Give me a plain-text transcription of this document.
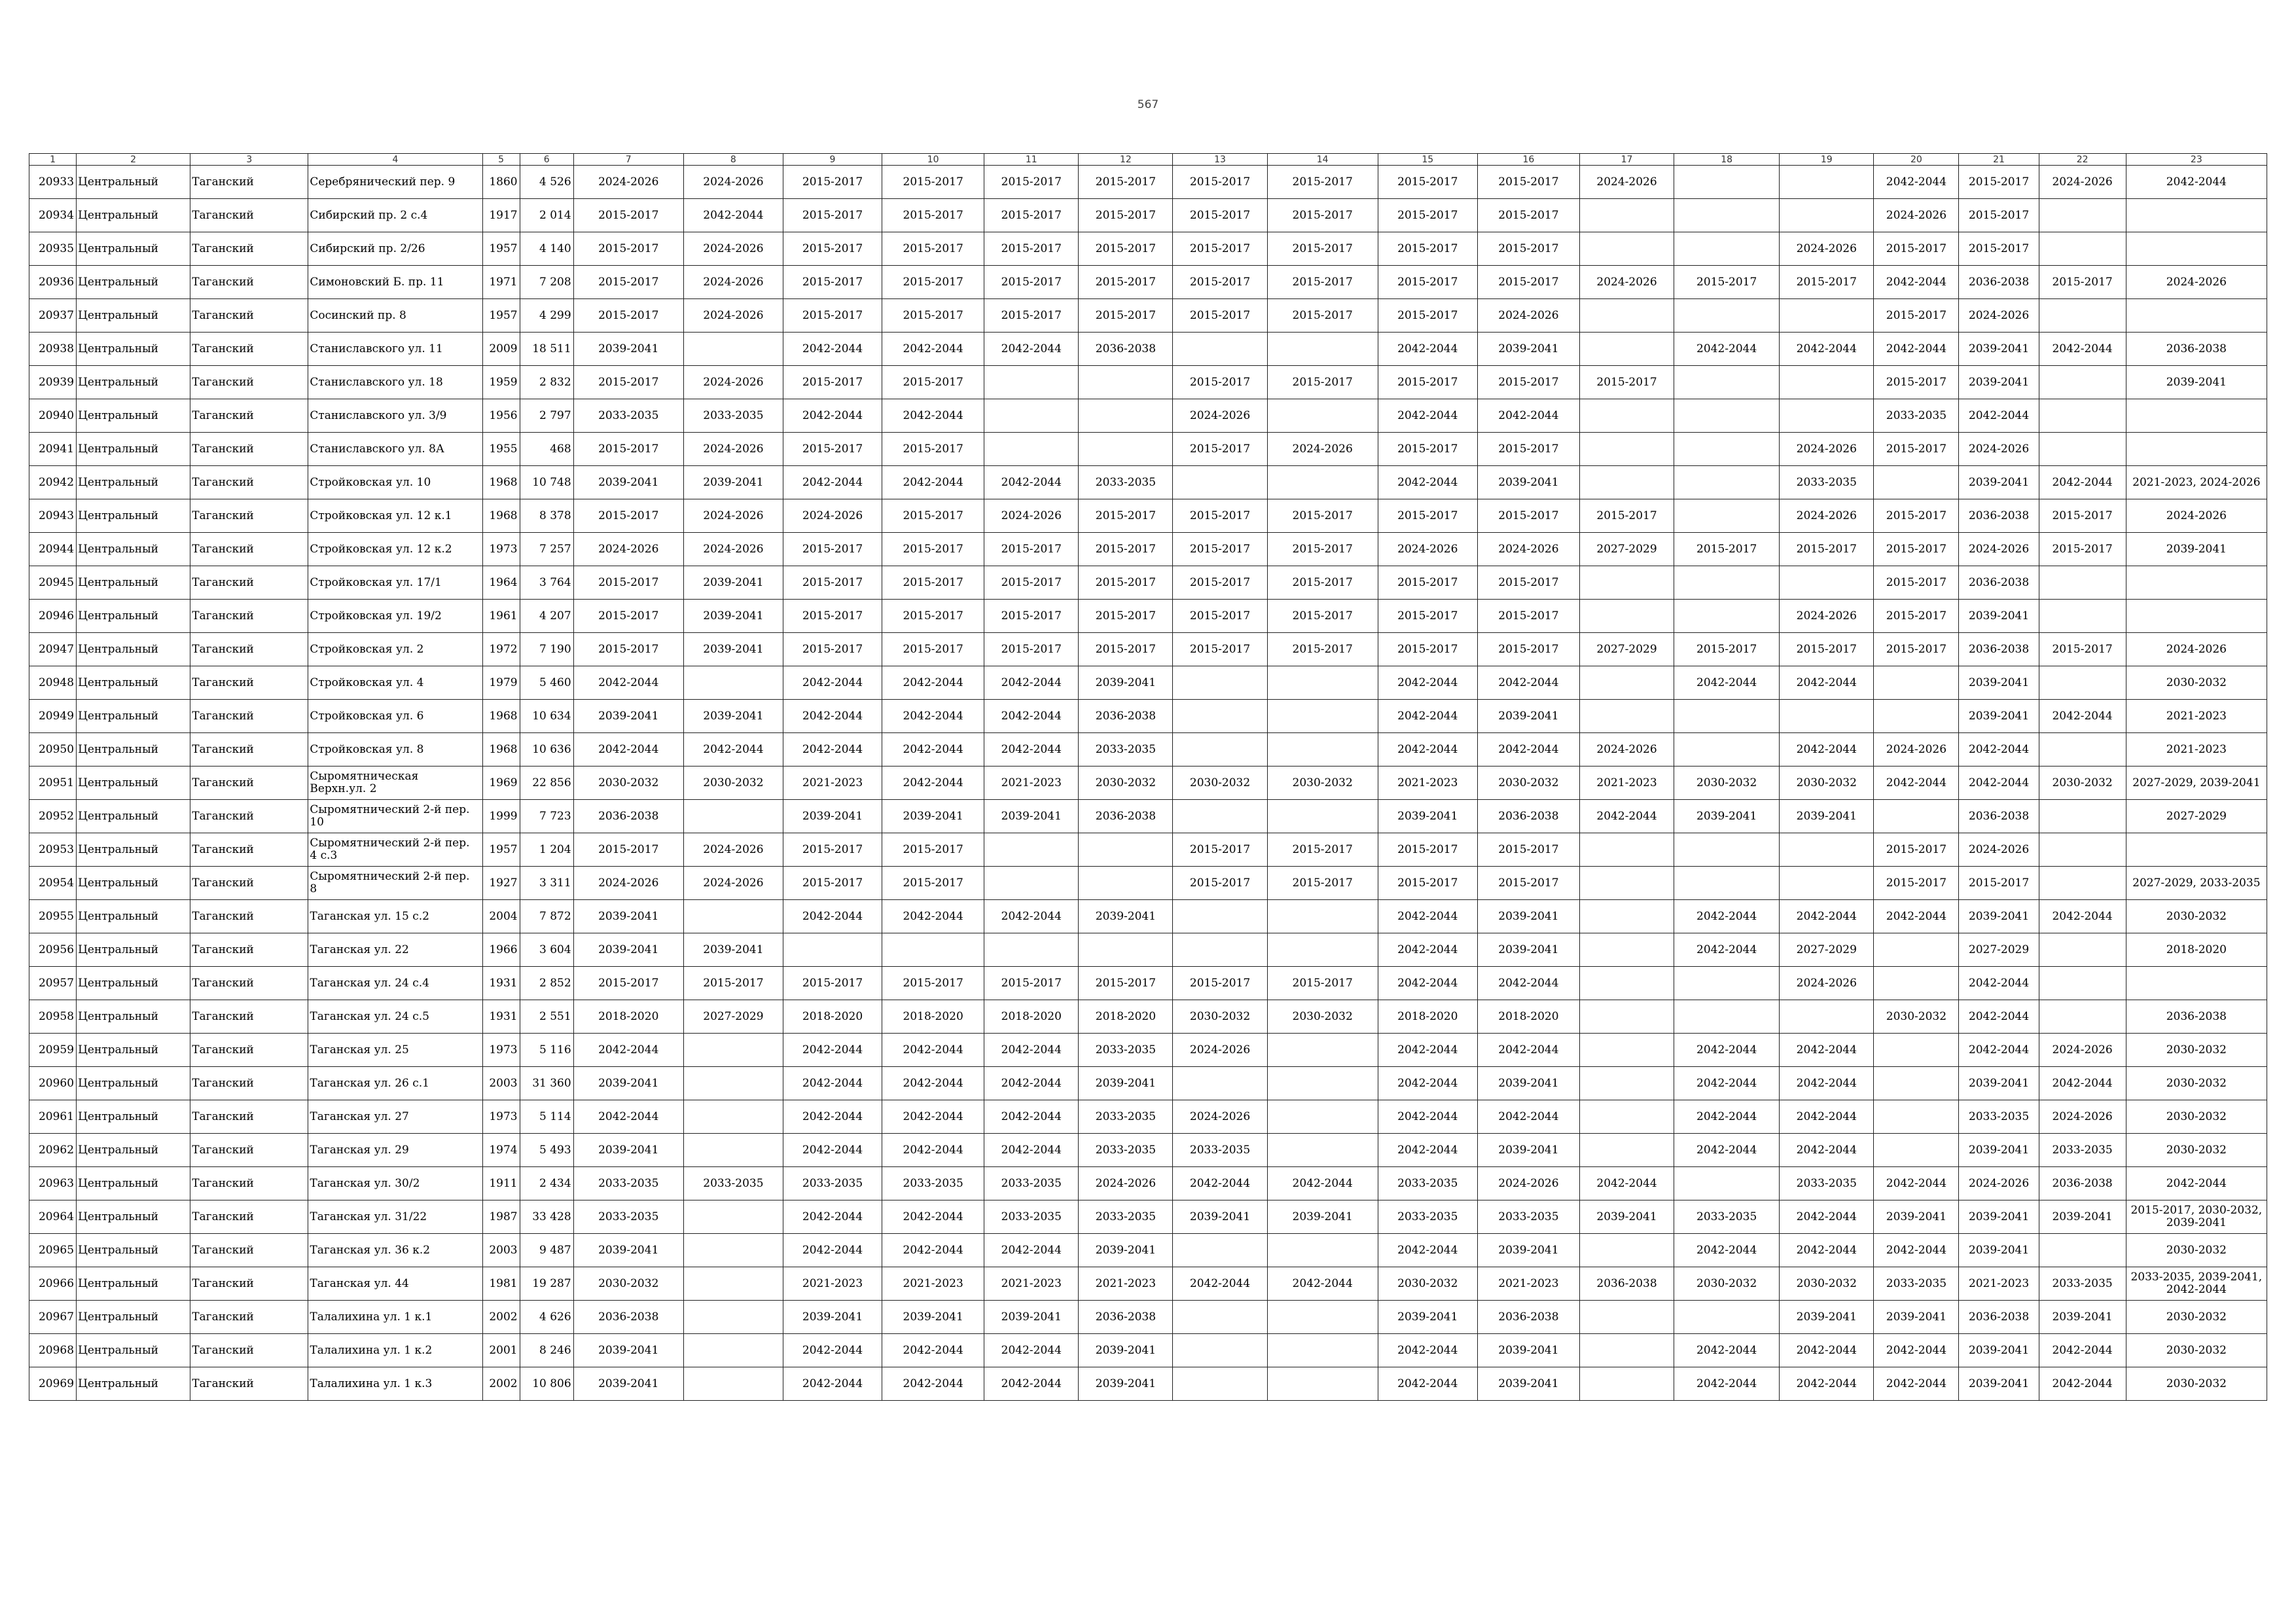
567
1	2	3	4	5	6	7	8	9	10	11	12	13	14	15	16	17	18	19	20	21	22	23
20933	Центральный	Таганский	Серебрянический пер. 9	1860	4 526	2024-2026	2024-2026	2015-2017	2015-2017	2015-2017	2015-2017	2015-2017	2015-2017	2015-2017	2015-2017	2024-2026			2042-2044	2015-2017	2024-2026	2042-2044
20934	Центральный	Таганский	Сибирский пр. 2 с.4	1917	2 014	2015-2017	2042-2044	2015-2017	2015-2017	2015-2017	2015-2017	2015-2017	2015-2017	2015-2017	2015-2017				2024-2026	2015-2017		
20935	Центральный	Таганский	Сибирский пр. 2/26	1957	4 140	2015-2017	2024-2026	2015-2017	2015-2017	2015-2017	2015-2017	2015-2017	2015-2017	2015-2017	2015-2017			2024-2026	2015-2017	2015-2017		
20936	Центральный	Таганский	Симоновский Б. пр. 11	1971	7 208	2015-2017	2024-2026	2015-2017	2015-2017	2015-2017	2015-2017	2015-2017	2015-2017	2015-2017	2015-2017	2024-2026	2015-2017	2015-2017	2042-2044	2036-2038	2015-2017	2024-2026
20937	Центральный	Таганский	Сосинский пр. 8	1957	4 299	2015-2017	2024-2026	2015-2017	2015-2017	2015-2017	2015-2017	2015-2017	2015-2017	2015-2017	2024-2026				2015-2017	2024-2026		
20938	Центральный	Таганский	Станиславского ул. 11	2009	18 511	2039-2041		2042-2044	2042-2044	2042-2044	2036-2038			2042-2044	2039-2041		2042-2044	2042-2044	2042-2044	2039-2041	2042-2044	2036-2038
20939	Центральный	Таганский	Станиславского ул. 18	1959	2 832	2015-2017	2024-2026	2015-2017	2015-2017			2015-2017	2015-2017	2015-2017	2015-2017	2015-2017			2015-2017	2039-2041		2039-2041
20940	Центральный	Таганский	Станиславского ул. 3/9	1956	2 797	2033-2035	2033-2035	2042-2044	2042-2044			2024-2026		2042-2044	2042-2044				2033-2035	2042-2044		
20941	Центральный	Таганский	Станиславского ул. 8А	1955	468	2015-2017	2024-2026	2015-2017	2015-2017			2015-2017	2024-2026	2015-2017	2015-2017			2024-2026	2015-2017	2024-2026		
20942	Центральный	Таганский	Стройковская ул. 10	1968	10 748	2039-2041	2039-2041	2042-2044	2042-2044	2042-2044	2033-2035			2042-2044	2039-2041			2033-2035		2039-2041	2042-2044	2021-2023, 2024-2026
20943	Центральный	Таганский	Стройковская ул. 12 к.1	1968	8 378	2015-2017	2024-2026	2024-2026	2015-2017	2024-2026	2015-2017	2015-2017	2015-2017	2015-2017	2015-2017	2015-2017		2024-2026	2015-2017	2036-2038	2015-2017	2024-2026
20944	Центральный	Таганский	Стройковская ул. 12 к.2	1973	7 257	2024-2026	2024-2026	2015-2017	2015-2017	2015-2017	2015-2017	2015-2017	2015-2017	2024-2026	2024-2026	2027-2029	2015-2017	2015-2017	2015-2017	2024-2026	2015-2017	2039-2041
20945	Центральный	Таганский	Стройковская ул. 17/1	1964	3 764	2015-2017	2039-2041	2015-2017	2015-2017	2015-2017	2015-2017	2015-2017	2015-2017	2015-2017	2015-2017				2015-2017	2036-2038		
20946	Центральный	Таганский	Стройковская ул. 19/2	1961	4 207	2015-2017	2039-2041	2015-2017	2015-2017	2015-2017	2015-2017	2015-2017	2015-2017	2015-2017	2015-2017			2024-2026	2015-2017	2039-2041		
20947	Центральный	Таганский	Стройковская ул. 2	1972	7 190	2015-2017	2039-2041	2015-2017	2015-2017	2015-2017	2015-2017	2015-2017	2015-2017	2015-2017	2015-2017	2027-2029	2015-2017	2015-2017	2015-2017	2036-2038	2015-2017	2024-2026
20948	Центральный	Таганский	Стройковская ул. 4	1979	5 460	2042-2044		2042-2044	2042-2044	2042-2044	2039-2041			2042-2044	2042-2044		2042-2044	2042-2044		2039-2041		2030-2032
20949	Центральный	Таганский	Стройковская ул. 6	1968	10 634	2039-2041	2039-2041	2042-2044	2042-2044	2042-2044	2036-2038			2042-2044	2039-2041					2039-2041	2042-2044	2021-2023
20950	Центральный	Таганский	Стройковская ул. 8	1968	10 636	2042-2044	2042-2044	2042-2044	2042-2044	2042-2044	2033-2035			2042-2044	2042-2044	2024-2026		2042-2044	2024-2026	2042-2044		2021-2023
20951	Центральный	Таганский	Сыромятническая Верхн.ул. 2	1969	22 856	2030-2032	2030-2032	2021-2023	2042-2044	2021-2023	2030-2032	2030-2032	2030-2032	2021-2023	2030-2032	2021-2023	2030-2032	2030-2032	2042-2044	2042-2044	2030-2032	2027-2029, 2039-2041
20952	Центральный	Таганский	Сыромятнический 2-й пер. 10	1999	7 723	2036-2038		2039-2041	2039-2041	2039-2041	2036-2038			2039-2041	2036-2038	2042-2044	2039-2041	2039-2041		2036-2038		2027-2029
20953	Центральный	Таганский	Сыромятнический 2-й пер. 4 с.3	1957	1 204	2015-2017	2024-2026	2015-2017	2015-2017			2015-2017	2015-2017	2015-2017	2015-2017				2015-2017	2024-2026		
20954	Центральный	Таганский	Сыромятнический 2-й пер. 8	1927	3 311	2024-2026	2024-2026	2015-2017	2015-2017			2015-2017	2015-2017	2015-2017	2015-2017				2015-2017	2015-2017		2027-2029, 2033-2035
20955	Центральный	Таганский	Таганская ул. 15 с.2	2004	7 872	2039-2041		2042-2044	2042-2044	2042-2044	2039-2041			2042-2044	2039-2041		2042-2044	2042-2044	2042-2044	2039-2041	2042-2044	2030-2032
20956	Центральный	Таганский	Таганская ул. 22	1966	3 604	2039-2041	2039-2041							2042-2044	2039-2041		2042-2044	2027-2029		2027-2029		2018-2020
20957	Центральный	Таганский	Таганская ул. 24 с.4	1931	2 852	2015-2017	2015-2017	2015-2017	2015-2017	2015-2017	2015-2017	2015-2017	2015-2017	2042-2044	2042-2044			2024-2026		2042-2044		
20958	Центральный	Таганский	Таганская ул. 24 с.5	1931	2 551	2018-2020	2027-2029	2018-2020	2018-2020	2018-2020	2018-2020	2030-2032	2030-2032	2018-2020	2018-2020				2030-2032	2042-2044		2036-2038
20959	Центральный	Таганский	Таганская ул. 25	1973	5 116	2042-2044		2042-2044	2042-2044	2042-2044	2033-2035	2024-2026		2042-2044	2042-2044		2042-2044	2042-2044		2042-2044	2024-2026	2030-2032
20960	Центральный	Таганский	Таганская ул. 26 с.1	2003	31 360	2039-2041		2042-2044	2042-2044	2042-2044	2039-2041			2042-2044	2039-2041		2042-2044	2042-2044		2039-2041	2042-2044	2030-2032
20961	Центральный	Таганский	Таганская ул. 27	1973	5 114	2042-2044		2042-2044	2042-2044	2042-2044	2033-2035	2024-2026		2042-2044	2042-2044		2042-2044	2042-2044		2033-2035	2024-2026	2030-2032
20962	Центральный	Таганский	Таганская ул. 29	1974	5 493	2039-2041		2042-2044	2042-2044	2042-2044	2033-2035	2033-2035		2042-2044	2039-2041		2042-2044	2042-2044		2039-2041	2033-2035	2030-2032
20963	Центральный	Таганский	Таганская ул. 30/2	1911	2 434	2033-2035	2033-2035	2033-2035	2033-2035	2033-2035	2024-2026	2042-2044	2042-2044	2033-2035	2024-2026	2042-2044		2033-2035	2042-2044	2024-2026	2036-2038	2042-2044
20964	Центральный	Таганский	Таганская ул. 31/22	1987	33 428	2033-2035		2042-2044	2042-2044	2033-2035	2033-2035	2039-2041	2039-2041	2033-2035	2033-2035	2039-2041	2033-2035	2042-2044	2039-2041	2039-2041	2039-2041	2015-2017, 2030-2032, 2039-2041
20965	Центральный	Таганский	Таганская ул. 36 к.2	2003	9 487	2039-2041		2042-2044	2042-2044	2042-2044	2039-2041			2042-2044	2039-2041		2042-2044	2042-2044	2042-2044	2039-2041		2030-2032
20966	Центральный	Таганский	Таганская ул. 44	1981	19 287	2030-2032		2021-2023	2021-2023	2021-2023	2021-2023	2042-2044	2042-2044	2030-2032	2021-2023	2036-2038	2030-2032	2030-2032	2033-2035	2021-2023	2033-2035	2033-2035, 2039-2041, 2042-2044
20967	Центральный	Таганский	Талалихина ул. 1 к.1	2002	4 626	2036-2038		2039-2041	2039-2041	2039-2041	2036-2038			2039-2041	2036-2038			2039-2041	2039-2041	2036-2038	2039-2041	2030-2032
20968	Центральный	Таганский	Талалихина ул. 1 к.2	2001	8 246	2039-2041		2042-2044	2042-2044	2042-2044	2039-2041			2042-2044	2039-2041		2042-2044	2042-2044	2042-2044	2039-2041	2042-2044	2030-2032
20969	Центральный	Таганский	Талалихина ул. 1 к.3	2002	10 806	2039-2041		2042-2044	2042-2044	2042-2044	2039-2041			2042-2044	2039-2041		2042-2044	2042-2044	2042-2044	2039-2041	2042-2044	2030-2032
